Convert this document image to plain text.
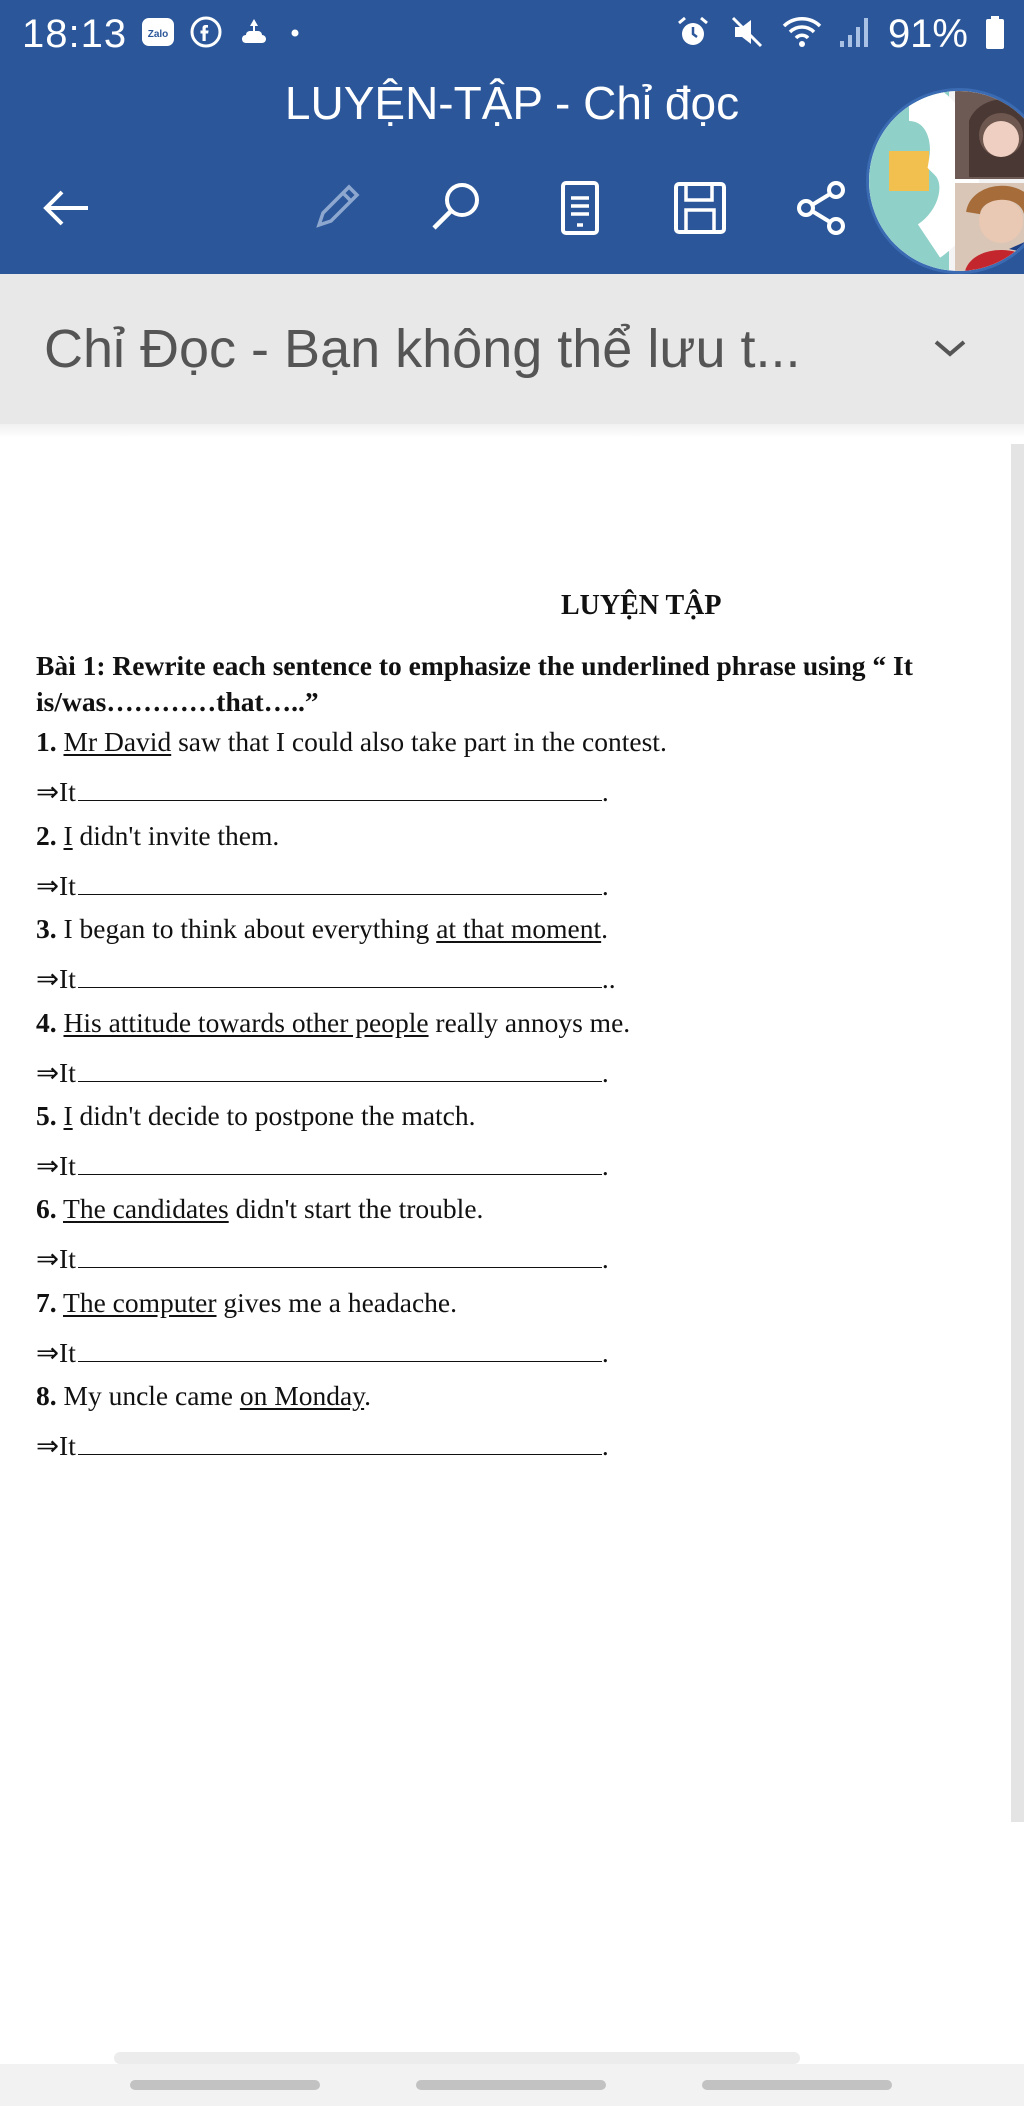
18:13 Zalo	91%
LUYỆN-TẬP - Chỉ đọc
Chỉ Đọc - Bạn không thể lưu t...
LUYỆN TẬP
Bài 1: Rewrite each sentence to emphasize the underlined phrase using “ It is/was…………that…..”
1. Mr David saw that I could also take part in the contest.
⇒It	.
2. I didn't invite them.
⇒It	.
3. I began to think about everything at that moment.
⇒It	..
4. His attitude towards other people really annoys me.
⇒It	.
5. I didn't decide to postpone the match.
⇒It	.
6. The candidates didn't start the trouble.
⇒It	.
7. The computer gives me a headache.
⇒It	.
8. My uncle came on Monday.
⇒It	.
